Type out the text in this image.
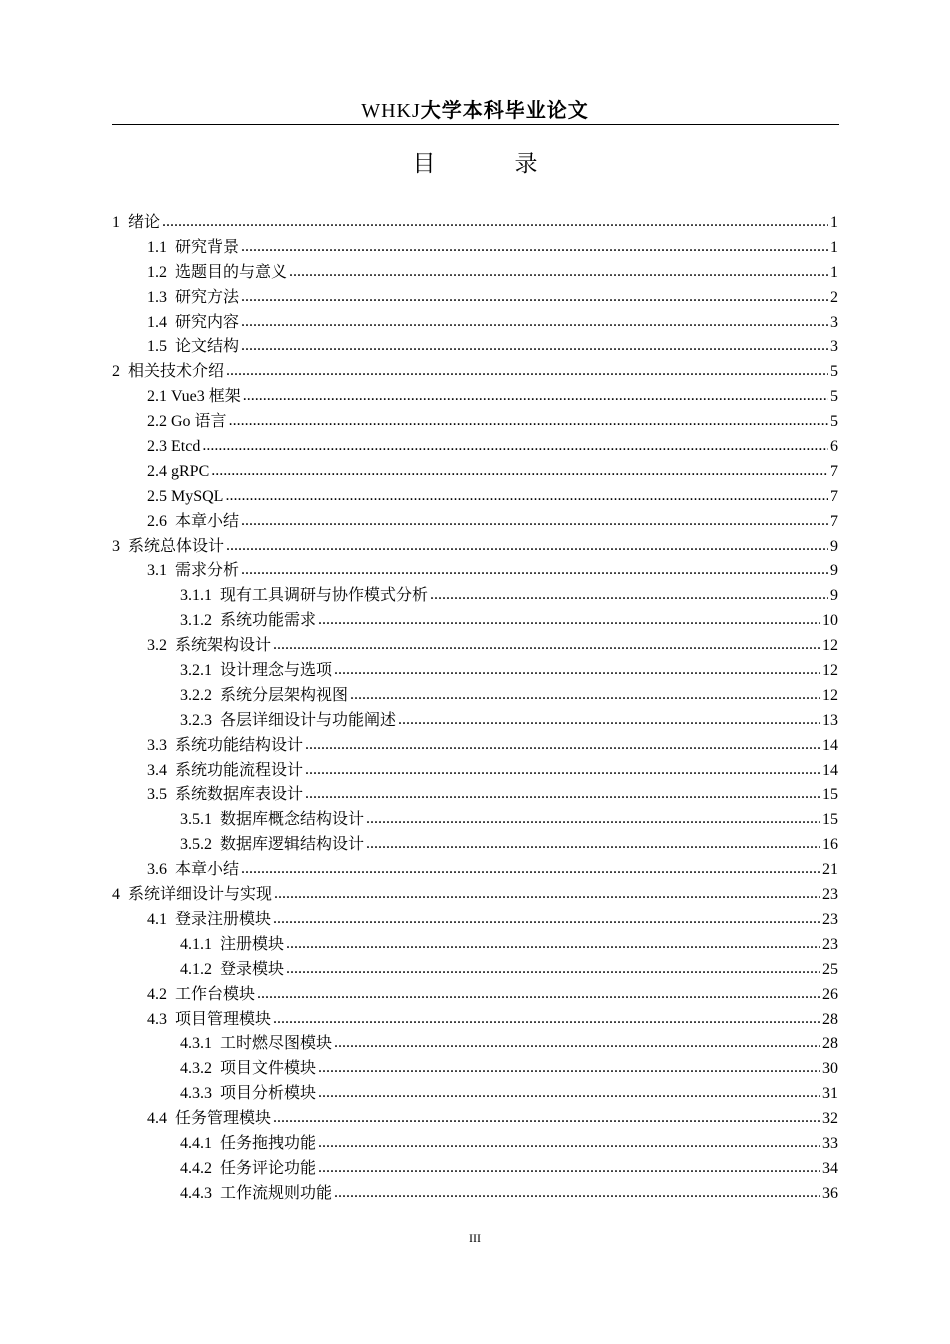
WHKJ大学本科毕业论文
目　录
1 绪论 .....	1
1.1 研究背景 .....	1
1.2 选题目的与意义 .....	1
1.3 研究方法 .....	2
1.4 研究内容 .....	3
1.5 论文结构 .....	3
2 相关技术介绍 .....	5
2.1 Vue3 框架 .....	5
2.2 Go 语言 .....	5
2.3 Etcd .....	6
2.4 gRPC .....	7
2.5 MySQL .....	7
2.6 本章小结 .....	7
3 系统总体设计 .....	9
3.1 需求分析 .....	9
3.1.1 现有工具调研与协作模式分析 .....	9
3.1.2 系统功能需求 .....	10
3.2 系统架构设计 .....	12
3.2.1 设计理念与选项 .....	12
3.2.2 系统分层架构视图 .....	12
3.2.3 各层详细设计与功能阐述 .....	13
3.3 系统功能结构设计 .....	14
3.4 系统功能流程设计 .....	14
3.5 系统数据库表设计 .....	15
3.5.1 数据库概念结构设计 .....	15
3.5.2 数据库逻辑结构设计 .....	16
3.6 本章小结 .....	21
4 系统详细设计与实现 .....	23
4.1 登录注册模块 .....	23
4.1.1 注册模块 .....	23
4.1.2 登录模块 .....	25
4.2 工作台模块 .....	26
4.3 项目管理模块 .....	28
4.3.1 工时燃尽图模块 .....	28
4.3.2 项目文件模块 .....	30
4.3.3 项目分析模块 .....	31
4.4 任务管理模块 .....	32
4.4.1 任务拖拽功能 .....	33
4.4.2 任务评论功能 .....	34
4.4.3 工作流规则功能 .....	36
III
